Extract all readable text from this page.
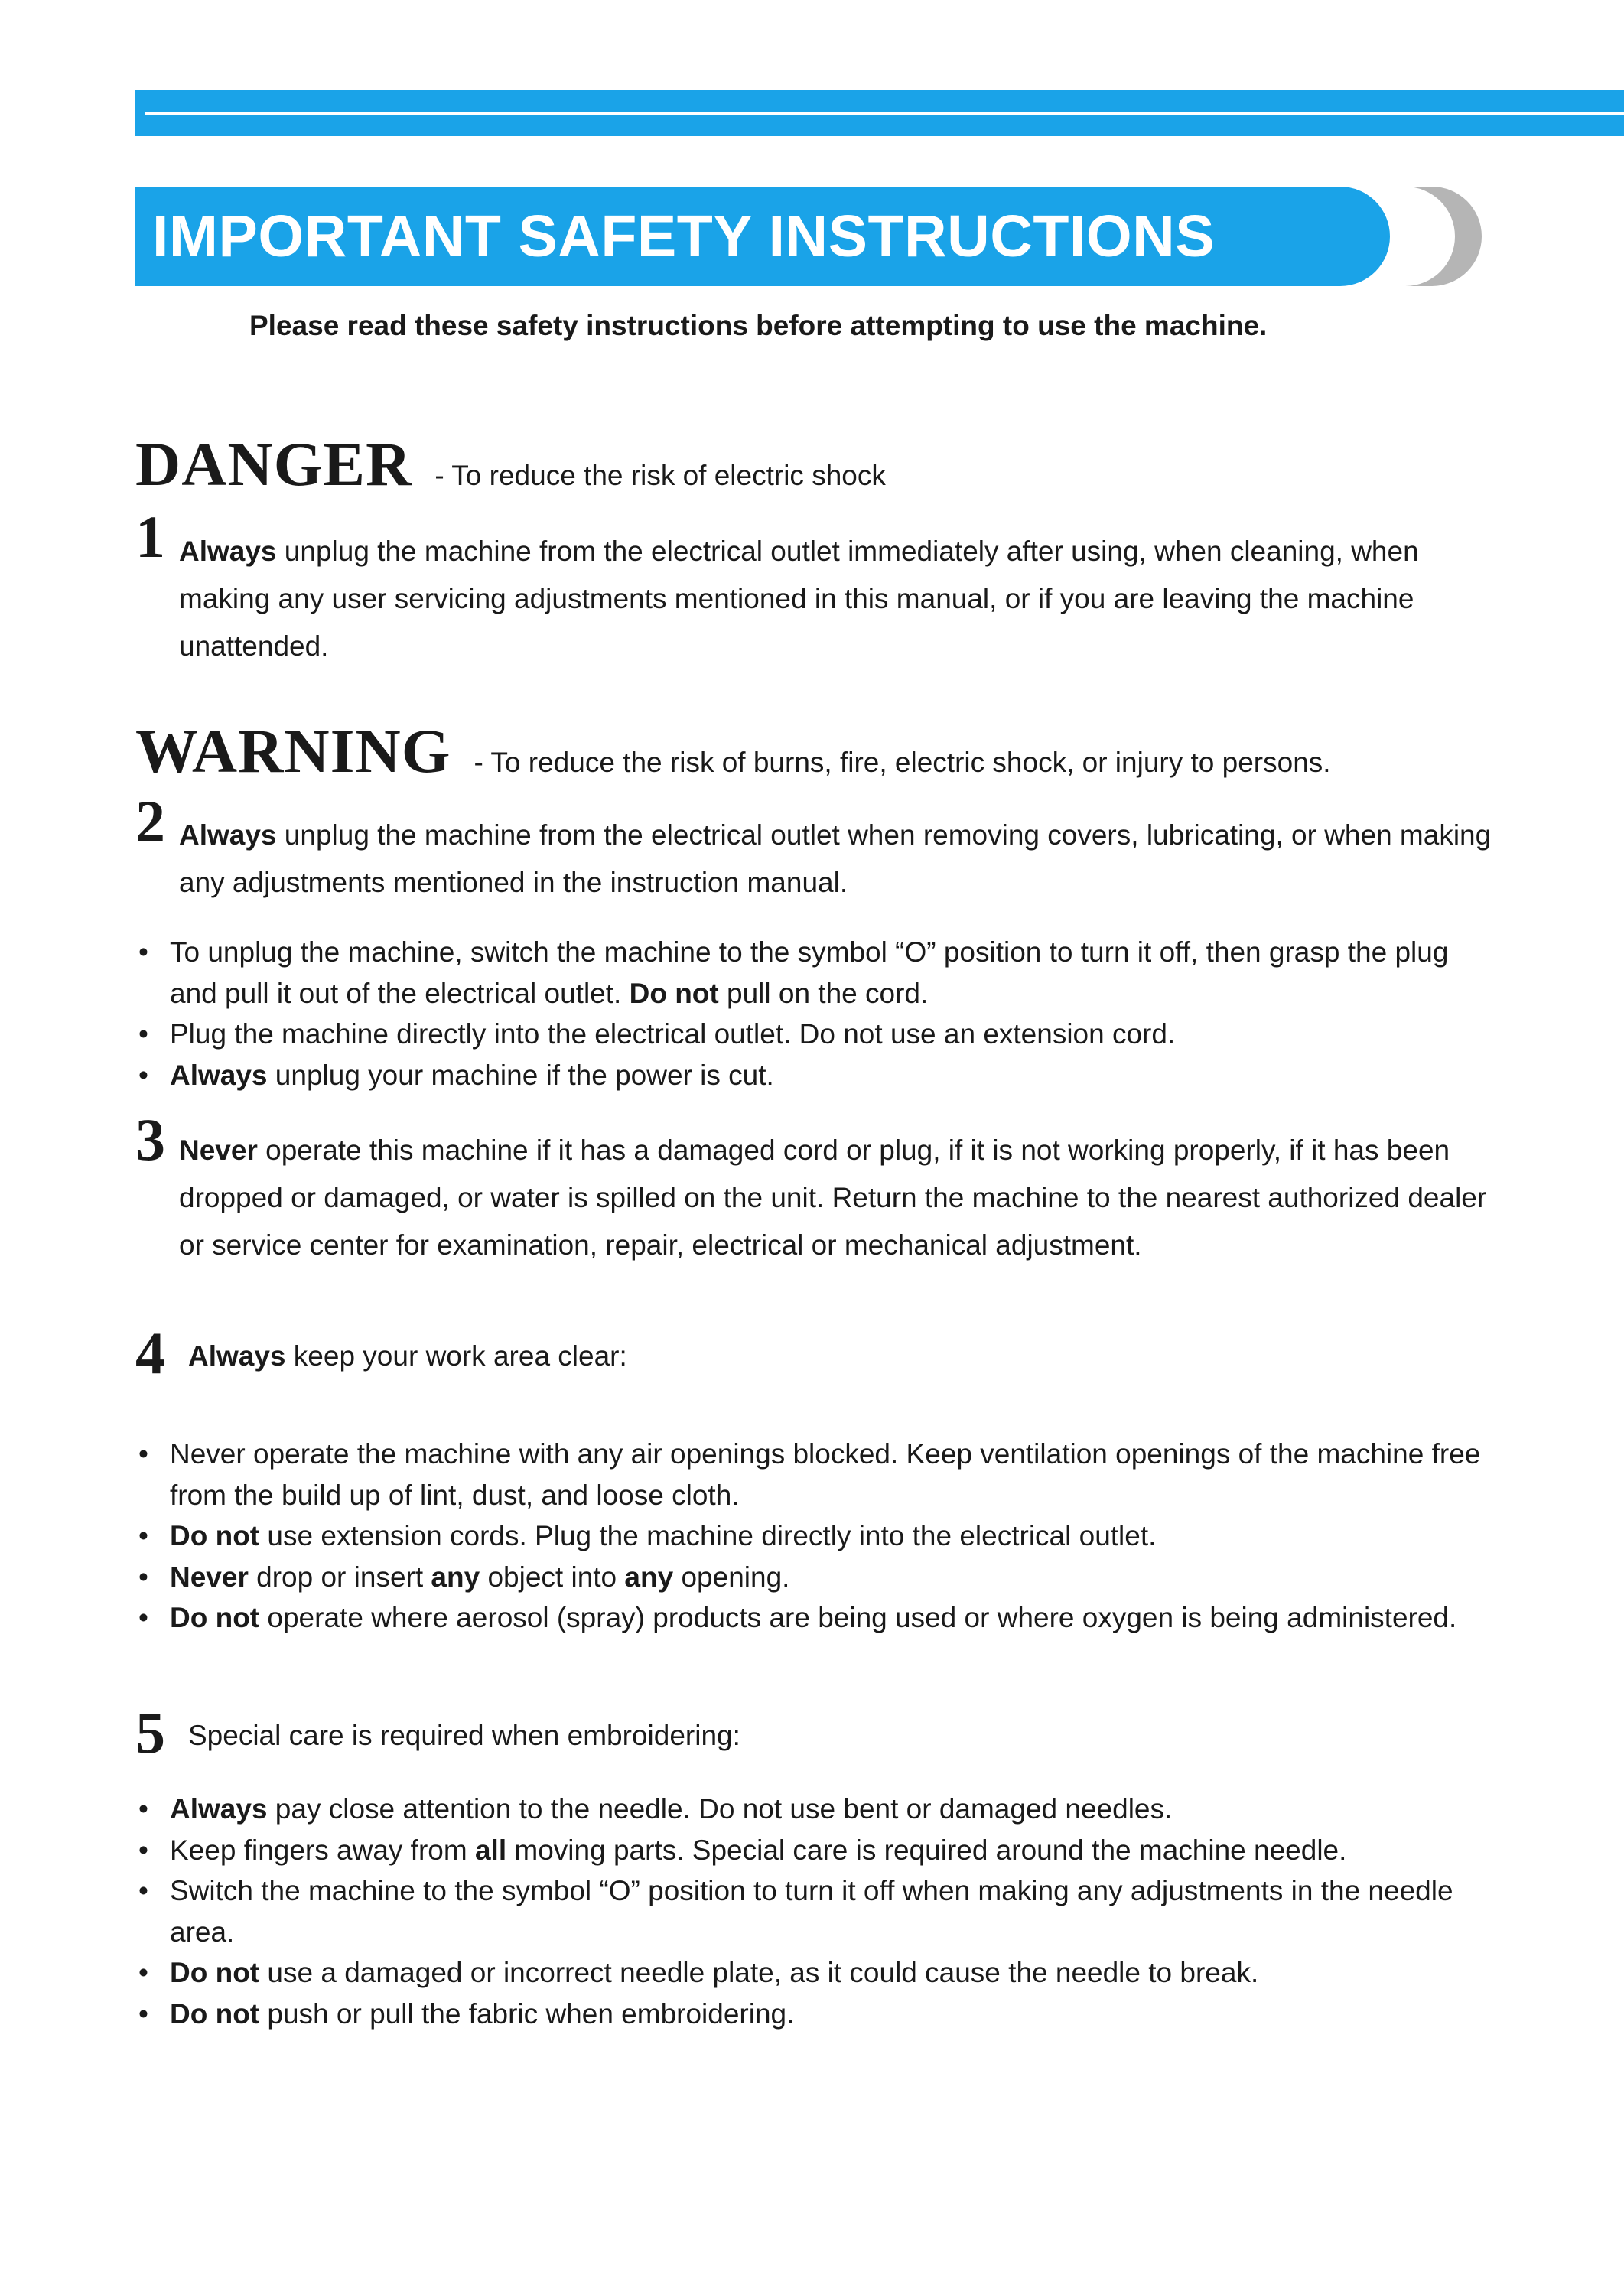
IMPORTANT SAFETY INSTRUCTIONS
Please read these safety instructions before attempting to use the machine.
DANGER - To reduce the risk of electric shock
1 Always unplug the machine from the electrical outlet immediately after using, when cleaning, when making any user servicing adjustments mentioned in this manual, or if you are leaving the machine unattended.
WARNING - To reduce the risk of burns, fire, electric shock, or injury to persons.
2 Always unplug the machine from the electrical outlet when removing covers, lubricating, or when making any adjustments mentioned in the instruction manual.
• To unplug the machine, switch the machine to the symbol “O” position to turn it off, then grasp the plug and pull it out of the electrical outlet. Do not pull on the cord.
• Plug the machine directly into the electrical outlet. Do not use an extension cord.
• Always unplug your machine if the power is cut.
3 Never operate this machine if it has a damaged cord or plug, if it is not working properly, if it has been dropped or damaged, or water is spilled on the unit. Return the machine to the nearest authorized dealer or service center for examination, repair, electrical or mechanical adjustment.
4 Always keep your work area clear:
• Never operate the machine with any air openings blocked. Keep ventilation openings of the machine free from the build up of lint, dust, and loose cloth.
• Do not use extension cords. Plug the machine directly into the electrical outlet.
• Never drop or insert any object into any opening.
• Do not operate where aerosol (spray) products are being used or where oxygen is being administered.
5 Special care is required when embroidering:
• Always pay close attention to the needle. Do not use bent or damaged needles.
• Keep fingers away from all moving parts. Special care is required around the machine needle.
• Switch the machine to the symbol “O” position to turn it off when making any adjustments in the needle area.
• Do not use a damaged or incorrect needle plate, as it could cause the needle to break.
• Do not push or pull the fabric when embroidering.
